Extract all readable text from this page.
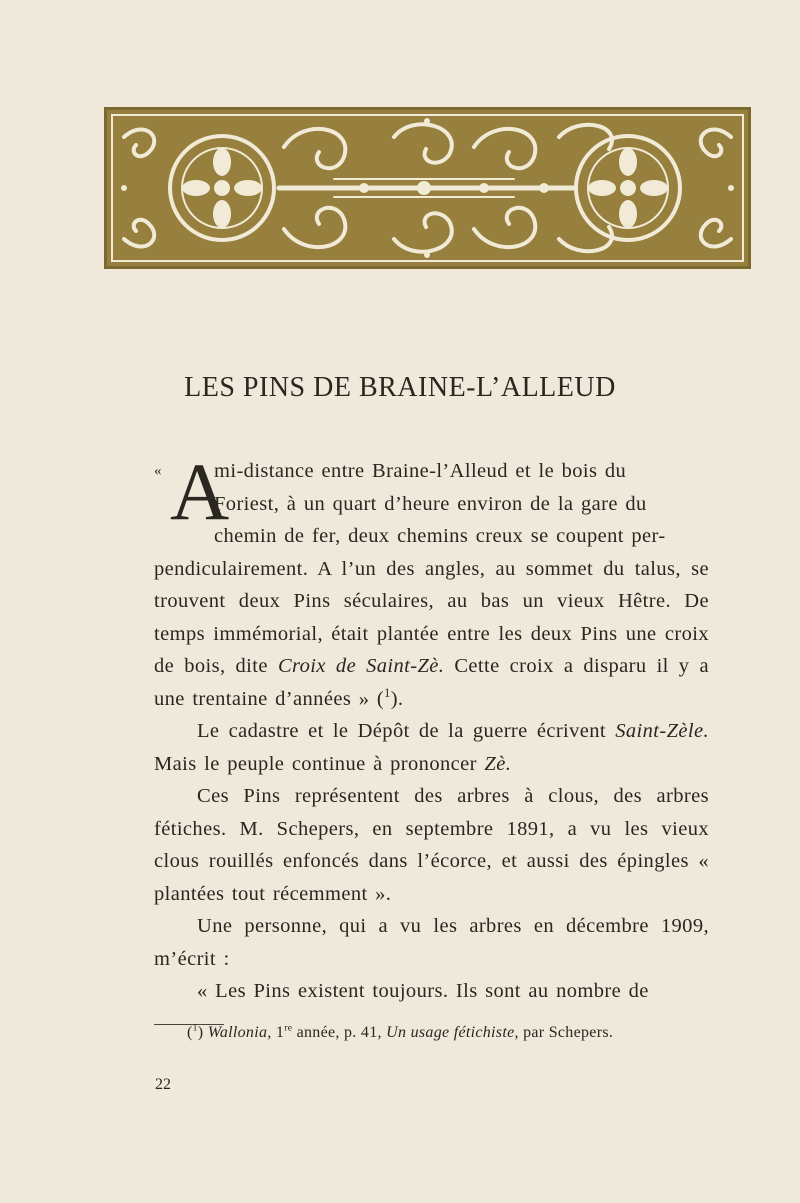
LES PINS DE BRAINE-L’ALLEUD
« A
mi-distance entre Braine-l’Alleud et le bois du
Foriest, à un quart d’heure environ de la gare du
chemin de fer, deux chemins creux se coupent per-

pendiculairement. A l’un des angles, au sommet du talus, se trouvent deux Pins séculaires, au bas un vieux Hêtre. De temps immémorial, était plantée entre les deux Pins une croix de bois, dite Croix de Saint-Zè. Cette croix a disparu il y a une trentaine d’années » ($^1$).

Le cadastre et le Dépôt de la guerre écrivent Saint-Zèle. Mais le peuple continue à prononcer Zè.

Ces Pins représentent des arbres à clous, des arbres fétiches. M. Schepers, en septembre 1891, a vu les vieux clous rouillés enfoncés dans l’écorce, et aussi des épingles « plantées tout récemment ».

Une personne, qui a vu les arbres en décembre 1909, m’écrit :

« Les Pins existent toujours. Ils sont au nombre de

($^1$) Wallonia, 1re année, p. 41, Un usage fétichiste, par Schepers.
22
